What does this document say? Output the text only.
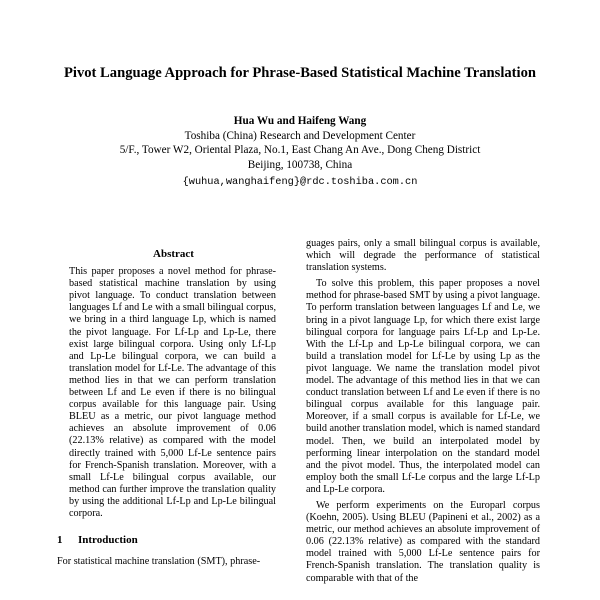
Pivot Language Approach for Phrase-Based Statistical Machine Translation
Hua Wu and Haifeng Wang
Toshiba (China) Research and Development Center
5/F., Tower W2, Oriental Plaza, No.1, East Chang An Ave., Dong Cheng District
Beijing, 100738, China
{wuhua,wanghaifeng}@rdc.toshiba.com.cn
Abstract

This paper proposes a novel method for phrase-based statistical machine translation by using pivot language. To conduct translation between languages Lf and Le with a small bilingual corpus, we bring in a third language Lp, which is named the pivot language. For Lf-Lp and Lp-Le, there exist large bilingual corpora. Using only Lf-Lp and Lp-Le bilingual corpora, we can build a translation model for Lf-Le. The advantage of this method lies in that we can perform translation between Lf and Le even if there is no bilingual corpus available for this language pair. Using BLEU as a metric, our pivot language method achieves an absolute improvement of 0.06 (22.13% relative) as compared with the model directly trained with 5,000 Lf-Le sentence pairs for French-Spanish translation. Moreover, with a small Lf-Le bilingual corpus available, our method can further improve the translation quality by using the additional Lf-Lp and Lp-Le bilingual corpora.

1 Introduction

For statistical machine translation (SMT), phrase-

guages pairs, only a small bilingual corpus is available, which will degrade the performance of statistical translation systems.

To solve this problem, this paper proposes a novel method for phrase-based SMT by using a pivot language. To perform translation between languages Lf and Le, we bring in a pivot language Lp, for which there exist large bilingual corpora for language pairs Lf-Lp and Lp-Le. With the Lf-Lp and Lp-Le bilingual corpora, we can build a translation model for Lf-Le by using Lp as the pivot language. We name the translation model pivot model. The advantage of this method lies in that we can conduct translation between Lf and Le even if there is no bilingual corpus available for this language pair. Moreover, if a small corpus is available for Lf-Le, we build another translation model, which is named standard model. Then, we build an interpolated model by performing linear interpolation on the standard model and the pivot model. Thus, the interpolated model can employ both the small Lf-Le corpus and the large Lf-Lp and Lp-Le corpora.

We perform experiments on the Europarl corpus (Koehn, 2005). Using BLEU (Papineni et al., 2002) as a metric, our method achieves an absolute improvement of 0.06 (22.13% relative) as compared with the standard model trained with 5,000 Lf-Le sentence pairs for French-Spanish translation. The translation quality is comparable with that of the
